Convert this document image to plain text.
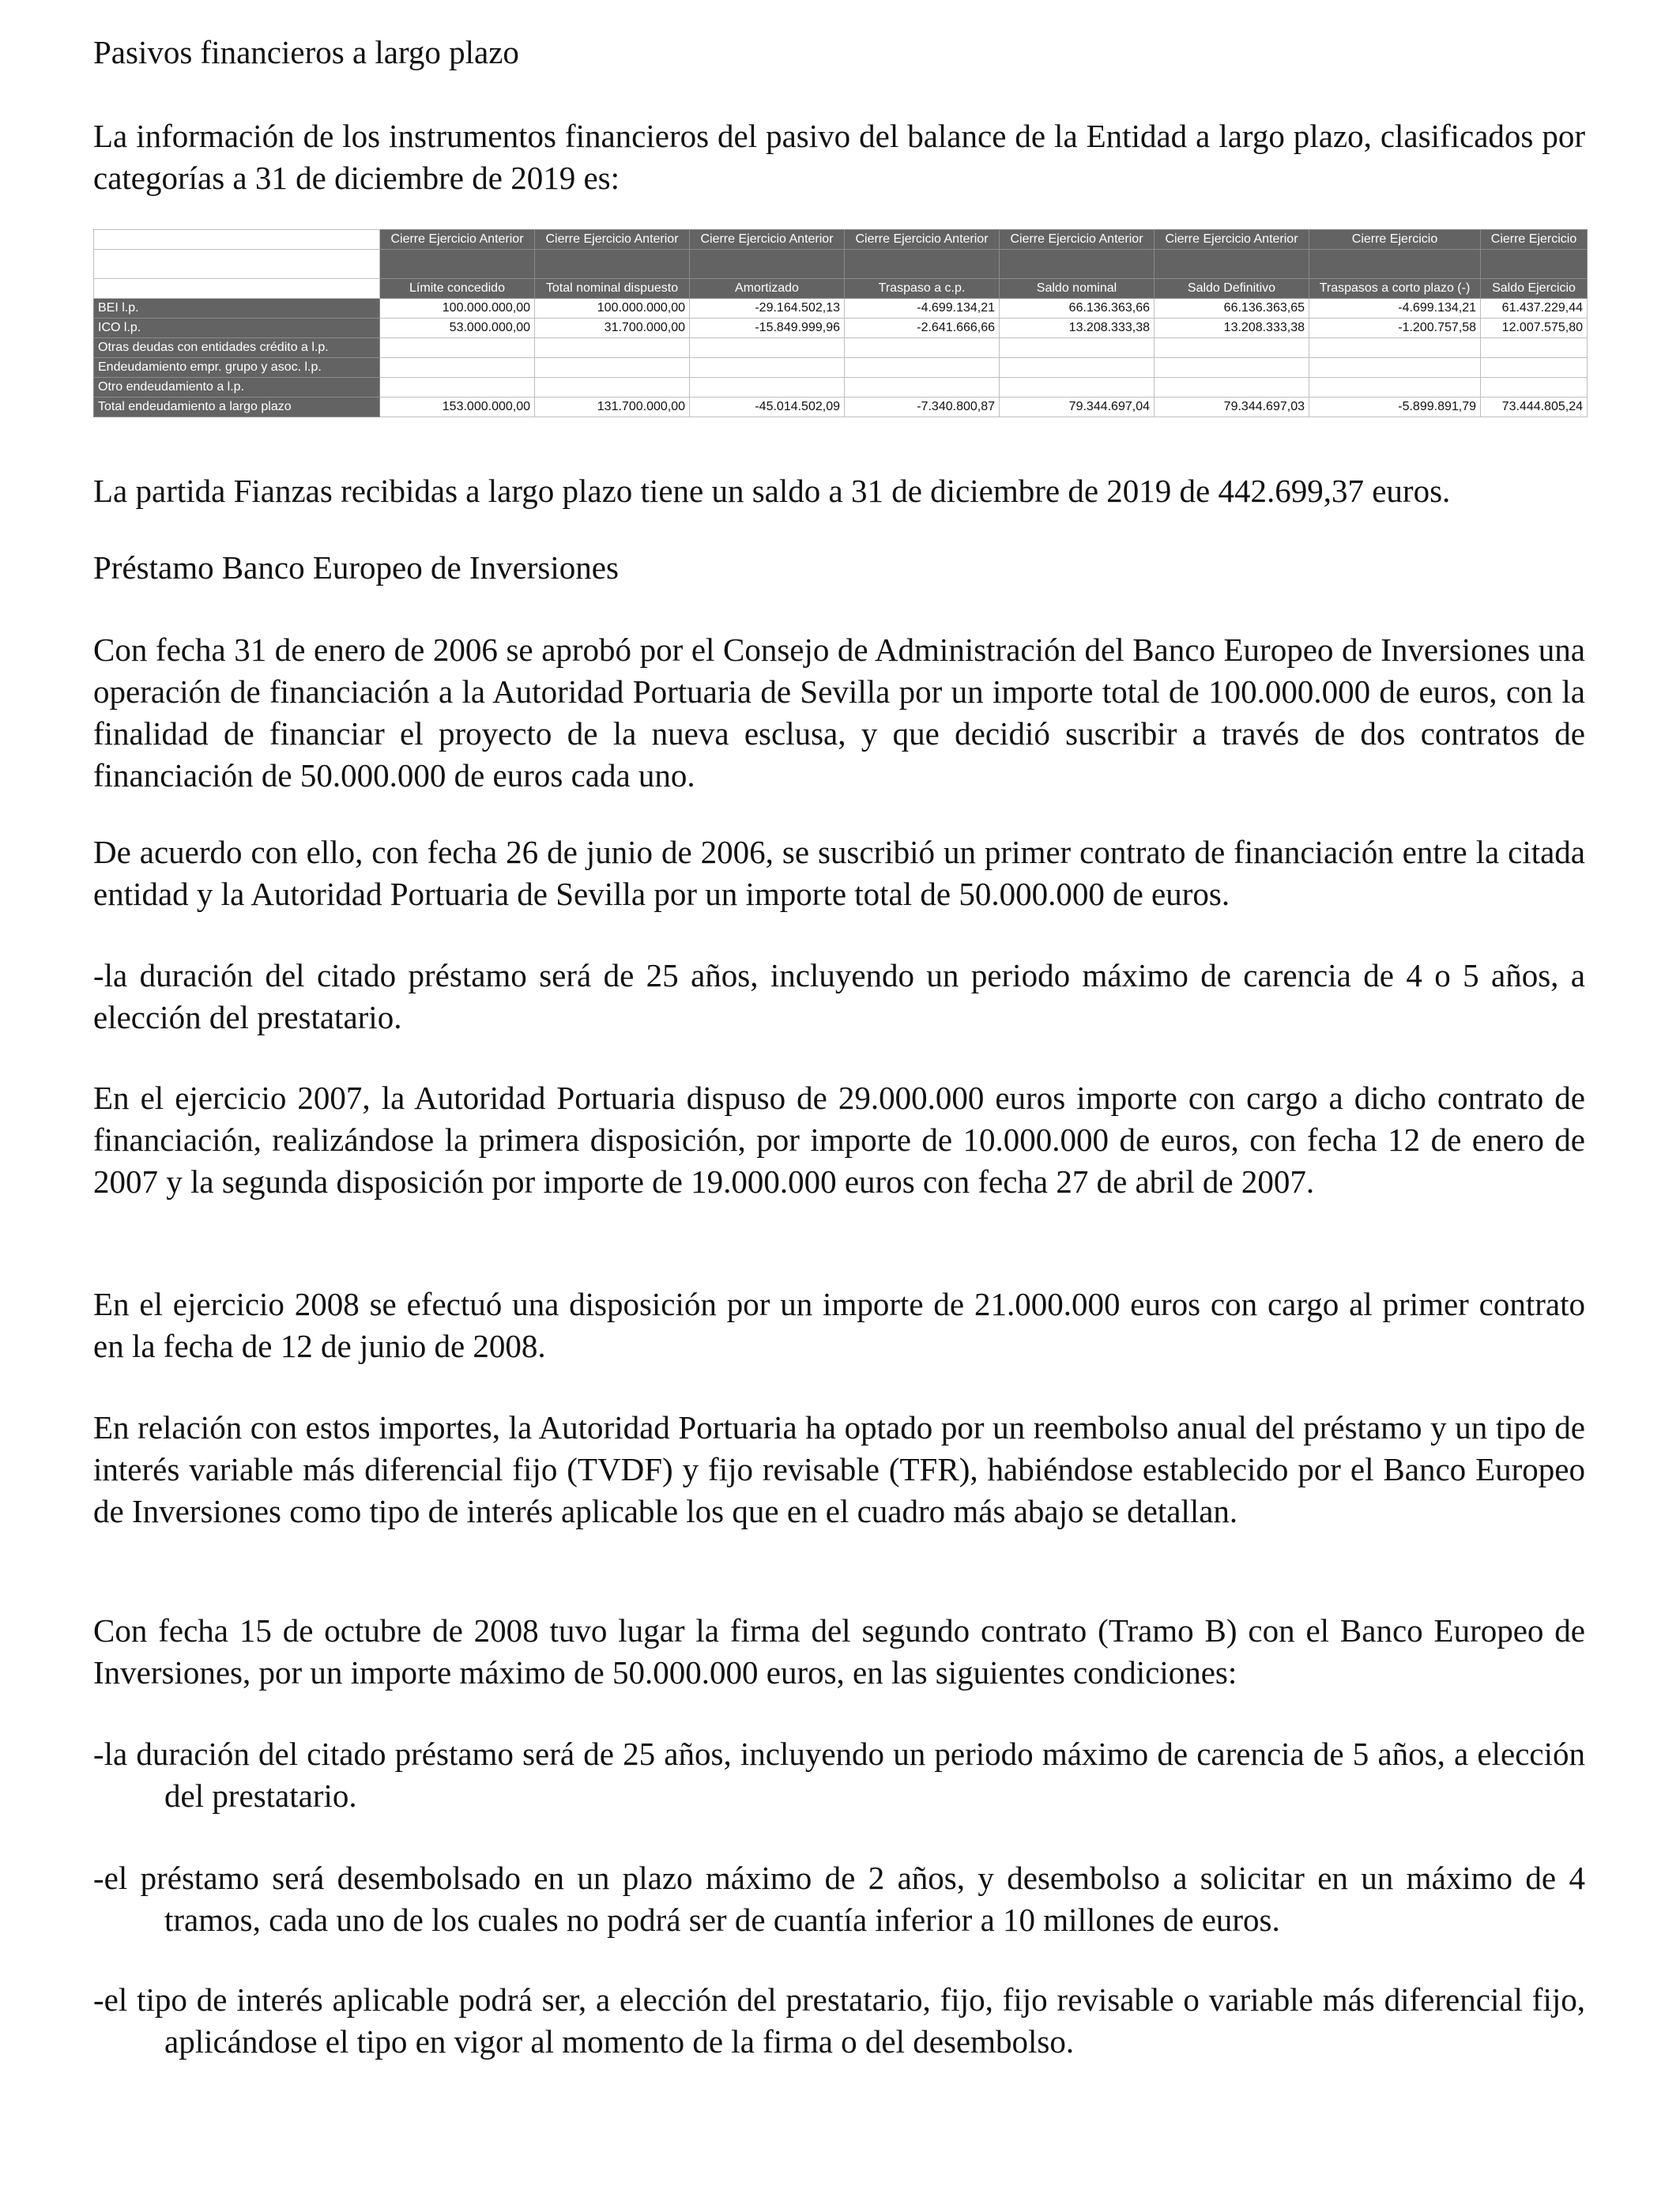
Pasivos financieros a largo plazo

La información de los instrumentos financieros del pasivo del balance de la Entidad a largo plazo, clasificados por categorías a 31 de diciembre de 2019 es:

	Cierre Ejercicio Anterior	Cierre Ejercicio Anterior	Cierre Ejercicio Anterior	Cierre Ejercicio Anterior	Cierre Ejercicio Anterior	Cierre Ejercicio Anterior	Cierre Ejercicio	Cierre Ejercicio

	Límite concedido	Total nominal dispuesto	Amortizado	Traspaso a c.p.	Saldo nominal	Saldo Definitivo	Traspasos a corto plazo (-)	Saldo Ejercicio
BEI l.p.	100.000.000,00	100.000.000,00	-29.164.502,13	-4.699.134,21	66.136.363,66	66.136.363,65	-4.699.134,21	61.437.229,44
ICO l.p.	53.000.000,00	31.700.000,00	-15.849.999,96	-2.641.666,66	13.208.333,38	13.208.333,38	-1.200.757,58	12.007.575,80
Otras deudas con entidades crédito a l.p.								
Endeudamiento empr. grupo y asoc. l.p.								
Otro endeudamiento a l.p.								
Total endeudamiento a largo plazo	153.000.000,00	131.700.000,00	-45.014.502,09	-7.340.800,87	79.344.697,04	79.344.697,03	-5.899.891,79	73.444.805,24

La partida Fianzas recibidas a largo plazo tiene un saldo a 31 de diciembre de 2019 de 442.699,37 euros.

Préstamo Banco Europeo de Inversiones

Con fecha 31 de enero de 2006 se aprobó por el Consejo de Administración del Banco Europeo de Inversiones una operación de financiación a la Autoridad Portuaria de Sevilla por un importe total de 100.000.000 de euros, con la finalidad de financiar el proyecto de la nueva esclusa, y que decidió suscribir a través de dos contratos de financiación de 50.000.000 de euros cada uno.

De acuerdo con ello, con fecha 26 de junio de 2006, se suscribió un primer contrato de financiación entre la citada entidad y la Autoridad Portuaria de Sevilla por un importe total de 50.000.000 de euros.

-la duración del citado préstamo será de 25 años, incluyendo un periodo máximo de carencia de 4 o 5 años, a elección del prestatario.

En el ejercicio 2007, la Autoridad Portuaria dispuso de 29.000.000 euros importe con cargo a dicho contrato de financiación, realizándose la primera disposición, por importe de 10.000.000 de euros, con fecha 12 de enero de 2007 y la segunda disposición por importe de 19.000.000 euros con fecha 27 de abril de 2007.

En el ejercicio 2008 se efectuó una disposición por un importe de 21.000.000 euros con cargo al primer contrato en la fecha de 12 de junio de 2008.

En relación con estos importes, la Autoridad Portuaria ha optado por un reembolso anual del préstamo y un tipo de interés variable más diferencial fijo (TVDF) y fijo revisable (TFR), habiéndose establecido por el Banco Europeo de Inversiones como tipo de interés aplicable los que en el cuadro más abajo se detallan.

Con fecha 15 de octubre de 2008 tuvo lugar la firma del segundo contrato (Tramo B) con el Banco Europeo de Inversiones, por un importe máximo de 50.000.000 euros, en las siguientes condiciones:

-la duración del citado préstamo será de 25 años, incluyendo un periodo máximo de carencia de 5 años, a elección del prestatario.

-el préstamo será desembolsado en un plazo máximo de 2 años, y desembolso a solicitar en un máximo de 4 tramos, cada uno de los cuales no podrá ser de cuantía inferior a 10 millones de euros.

-el tipo de interés aplicable podrá ser, a elección del prestatario, fijo, fijo revisable o variable más diferencial fijo, aplicándose el tipo en vigor al momento de la firma o del desembolso.
